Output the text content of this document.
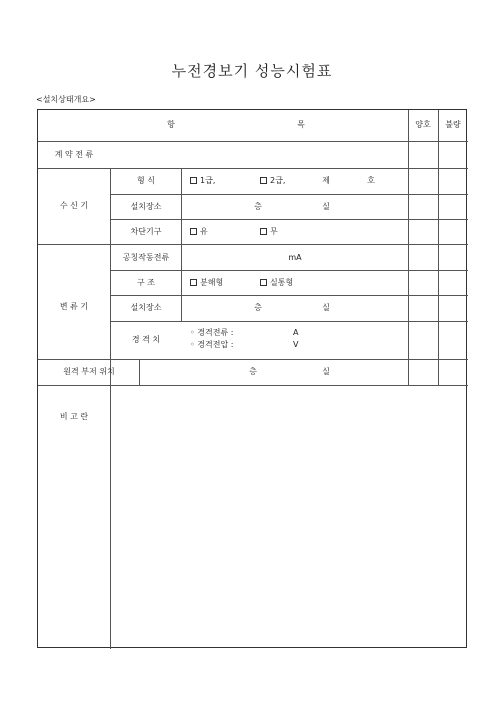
누전경보기 성능시험표
<설치상태개요>
항	목	양호 불량
계 약 전 류
수 신 기
형 식	1급,	2급,	제	호
설치장소	층	실
차단기구	유	무
변 류 기
공칭작동전류	mA
구 조	분해형	실통형
설치장소	층	실
경 격 치
◦ 경격전류 :	A
◦ 경격전압 :	V
원격 부저 위치	층	실
비 고 란
